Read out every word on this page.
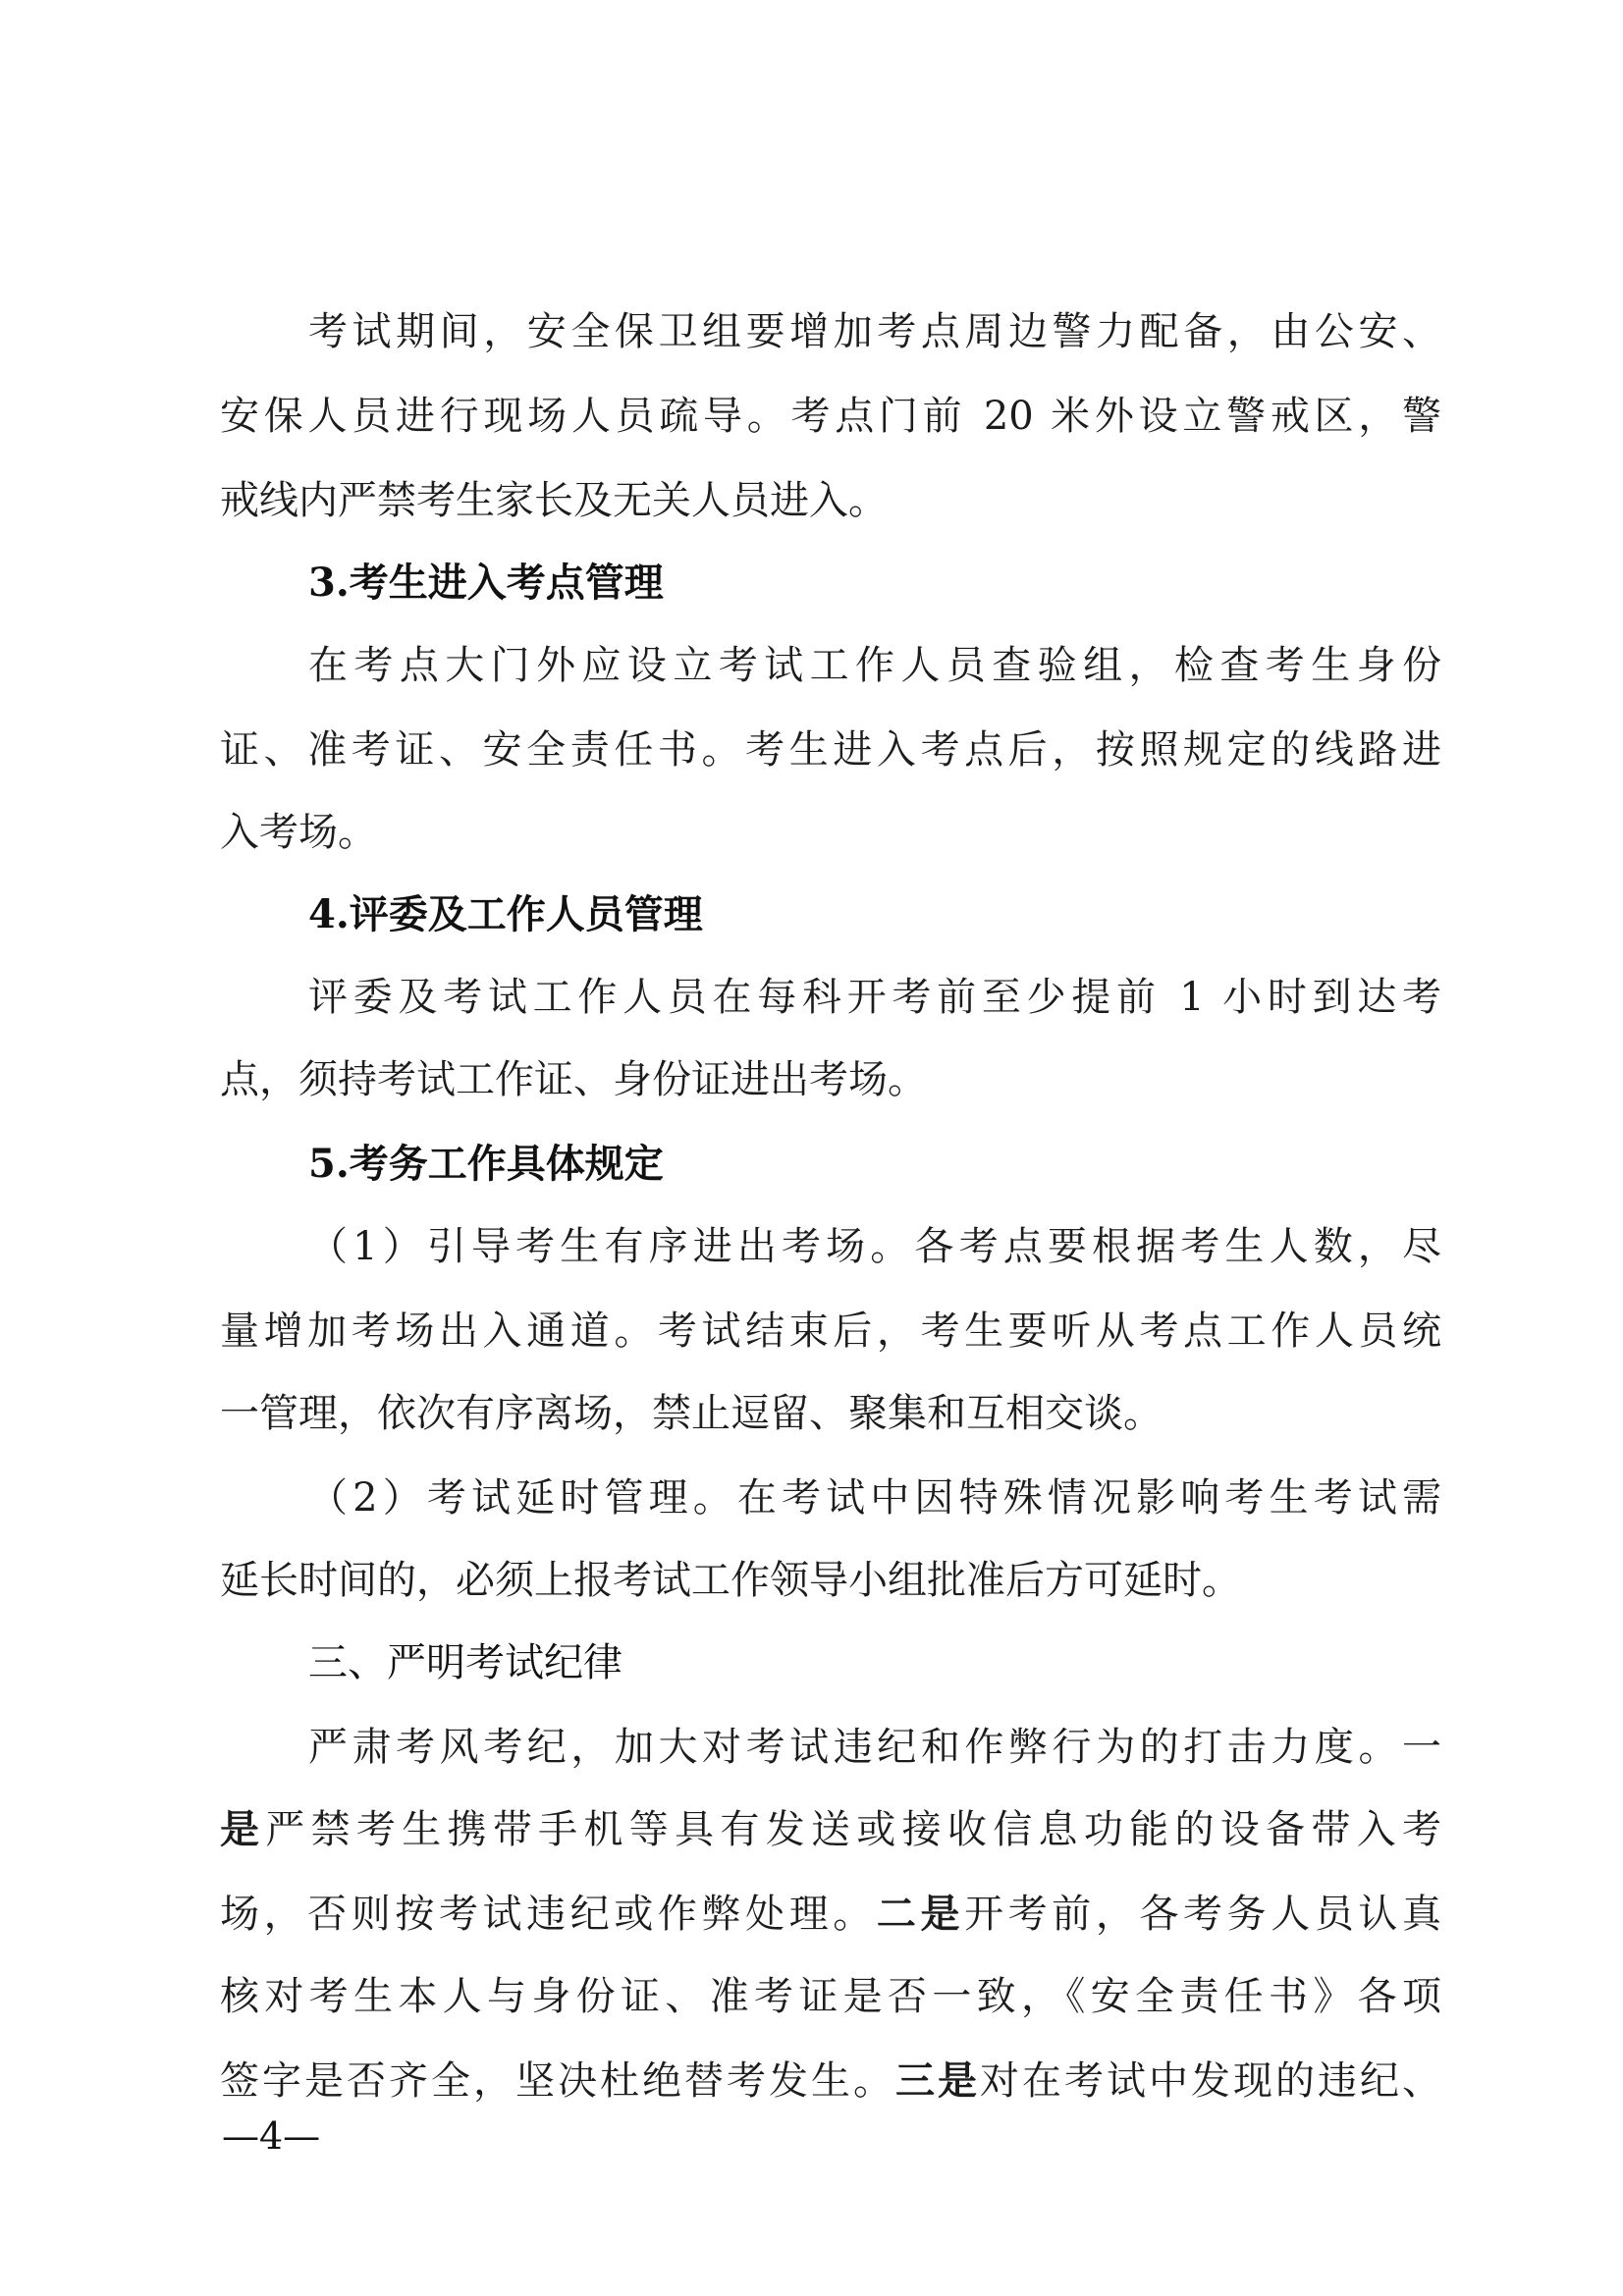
考试期间，安全保卫组要增加考点周边警力配备，由公安、
安保人员进行现场人员疏导。考点门前 20 米外设立警戒区，警
戒线内严禁考生家长及无关人员进入。
3.考生进入考点管理
在考点大门外应设立考试工作人员查验组，检查考生身份
证、准考证、安全责任书。考生进入考点后，按照规定的线路进
入考场。
4.评委及工作人员管理
评委及考试工作人员在每科开考前至少提前 1 小时到达考
点，须持考试工作证、身份证进出考场。
5.考务工作具体规定
（1）引导考生有序进出考场。各考点要根据考生人数，尽
量增加考场出入通道。考试结束后，考生要听从考点工作人员统
一管理，依次有序离场，禁止逗留、聚集和互相交谈。
（2）考试延时管理。在考试中因特殊情况影响考生考试需
延长时间的，必须上报考试工作领导小组批准后方可延时。
三、严明考试纪律
严肃考风考纪，加大对考试违纪和作弊行为的打击力度。一
是严禁考生携带手机等具有发送或接收信息功能的设备带入考
场，否则按考试违纪或作弊处理。二是开考前，各考务人员认真
核对考生本人与身份证、准考证是否一致，《安全责任书》各项
签字是否齐全，坚决杜绝替考发生。三是对在考试中发现的违纪、
—4—
